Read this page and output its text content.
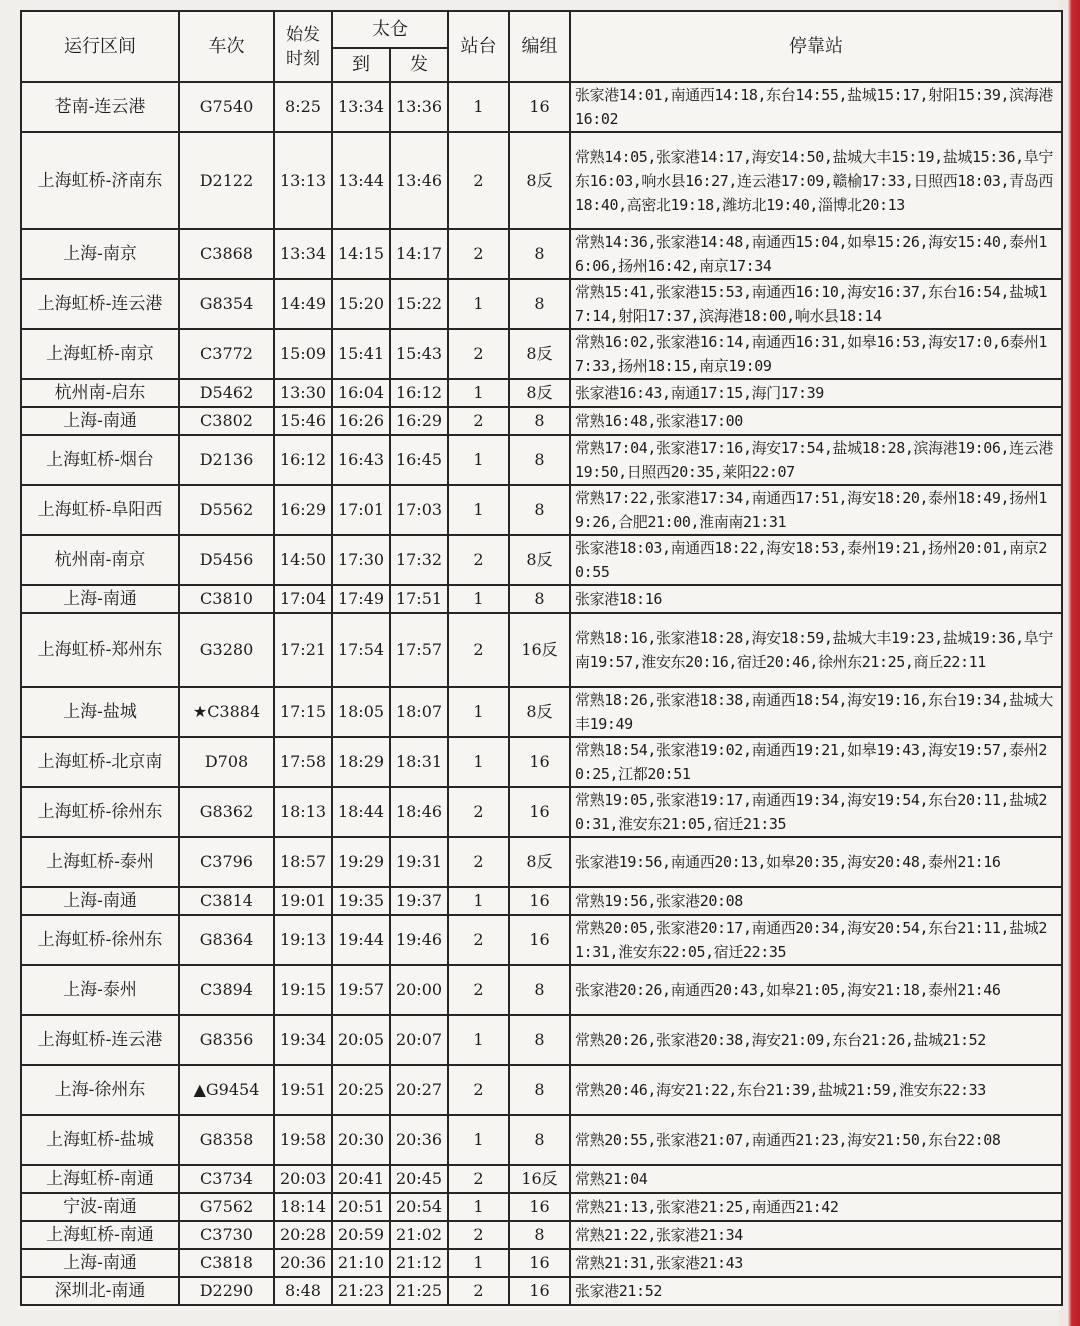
运行区间	车次	始发时刻	太仓		站台	编组	停靠站
			到	发			
苍南-连云港	G7540	8:25	13:34	13:36	1	16	张家港14:01,南通西14:18,东台14:55,盐城15:17,射阳15:39,滨海港16:02
上海虹桥-济南东	D2122	13:13	13:44	13:46	2	8反	常熟14:05,张家港14:17,海安14:50,盐城大丰15:19,盐城15:36,阜宁东16:03,响水县16:27,连云港17:09,赣榆17:33,日照西18:03,青岛西18:40,高密北19:18,潍坊北19:40,淄博北20:13
上海-南京	C3868	13:34	14:15	14:17	2	8	常熟14:36,张家港14:48,南通西15:04,如皋15:26,海安15:40,泰州16:06,扬州16:42,南京17:34
上海虹桥-连云港	G8354	14:49	15:20	15:22	1	8	常熟15:41,张家港15:53,南通西16:10,海安16:37,东台16:54,盐城17:14,射阳17:37,滨海港18:00,响水县18:14
上海虹桥-南京	C3772	15:09	15:41	15:43	2	8反	常熟16:02,张家港16:14,南通西16:31,如皋16:53,海安17:0,6泰州17:33,扬州18:15,南京19:09
杭州南-启东	D5462	13:30	16:04	16:12	1	8反	张家港16:43,南通17:15,海门17:39
上海-南通	C3802	15:46	16:26	16:29	2	8	常熟16:48,张家港17:00
上海虹桥-烟台	D2136	16:12	16:43	16:45	1	8	常熟17:04,张家港17:16,海安17:54,盐城18:28,滨海港19:06,连云港19:50,日照西20:35,莱阳22:07
上海虹桥-阜阳西	D5562	16:29	17:01	17:03	1	8	常熟17:22,张家港17:34,南通西17:51,海安18:20,泰州18:49,扬州19:26,合肥21:00,淮南南21:31
杭州南-南京	D5456	14:50	17:30	17:32	2	8反	张家港18:03,南通西18:22,海安18:53,泰州19:21,扬州20:01,南京20:55
上海-南通	C3810	17:04	17:49	17:51	1	8	张家港18:16
上海虹桥-郑州东	G3280	17:21	17:54	17:57	2	16反	常熟18:16,张家港18:28,海安18:59,盐城大丰19:23,盐城19:36,阜宁南19:57,淮安东20:16,宿迁20:46,徐州东21:25,商丘22:11
上海-盐城	★C3884	17:15	18:05	18:07	1	8反	常熟18:26,张家港18:38,南通西18:54,海安19:16,东台19:34,盐城大丰19:49
上海虹桥-北京南	D708	17:58	18:29	18:31	1	16	常熟18:54,张家港19:02,南通西19:21,如皋19:43,海安19:57,泰州20:25,江都20:51
上海虹桥-徐州东	G8362	18:13	18:44	18:46	2	16	常熟19:05,张家港19:17,南通西19:34,海安19:54,东台20:11,盐城20:31,淮安东21:05,宿迁21:35
上海虹桥-泰州	C3796	18:57	19:29	19:31	2	8反	张家港19:56,南通西20:13,如皋20:35,海安20:48,泰州21:16
上海-南通	C3814	19:01	19:35	19:37	1	16	常熟19:56,张家港20:08
上海虹桥-徐州东	G8364	19:13	19:44	19:46	2	16	常熟20:05,张家港20:17,南通西20:34,海安20:54,东台21:11,盐城21:31,淮安东22:05,宿迁22:35
上海-泰州	C3894	19:15	19:57	20:00	2	8	张家港20:26,南通西20:43,如皋21:05,海安21:18,泰州21:46
上海虹桥-连云港	G8356	19:34	20:05	20:07	1	8	常熟20:26,张家港20:38,海安21:09,东台21:26,盐城21:52
上海-徐州东	▲G9454	19:51	20:25	20:27	2	8	常熟20:46,海安21:22,东台21:39,盐城21:59,淮安东22:33
上海虹桥-盐城	G8358	19:58	20:30	20:36	1	8	常熟20:55,张家港21:07,南通西21:23,海安21:50,东台22:08
上海虹桥-南通	C3734	20:03	20:41	20:45	2	16反	常熟21:04
宁波-南通	G7562	18:14	20:51	20:54	1	16	常熟21:13,张家港21:25,南通西21:42
上海虹桥-南通	C3730	20:28	20:59	21:02	2	8	常熟21:22,张家港21:34
上海-南通	C3818	20:36	21:10	21:12	1	16	常熟21:31,张家港21:43
深圳北-南通	D2290	8:48	21:23	21:25	2	16	张家港21:52
